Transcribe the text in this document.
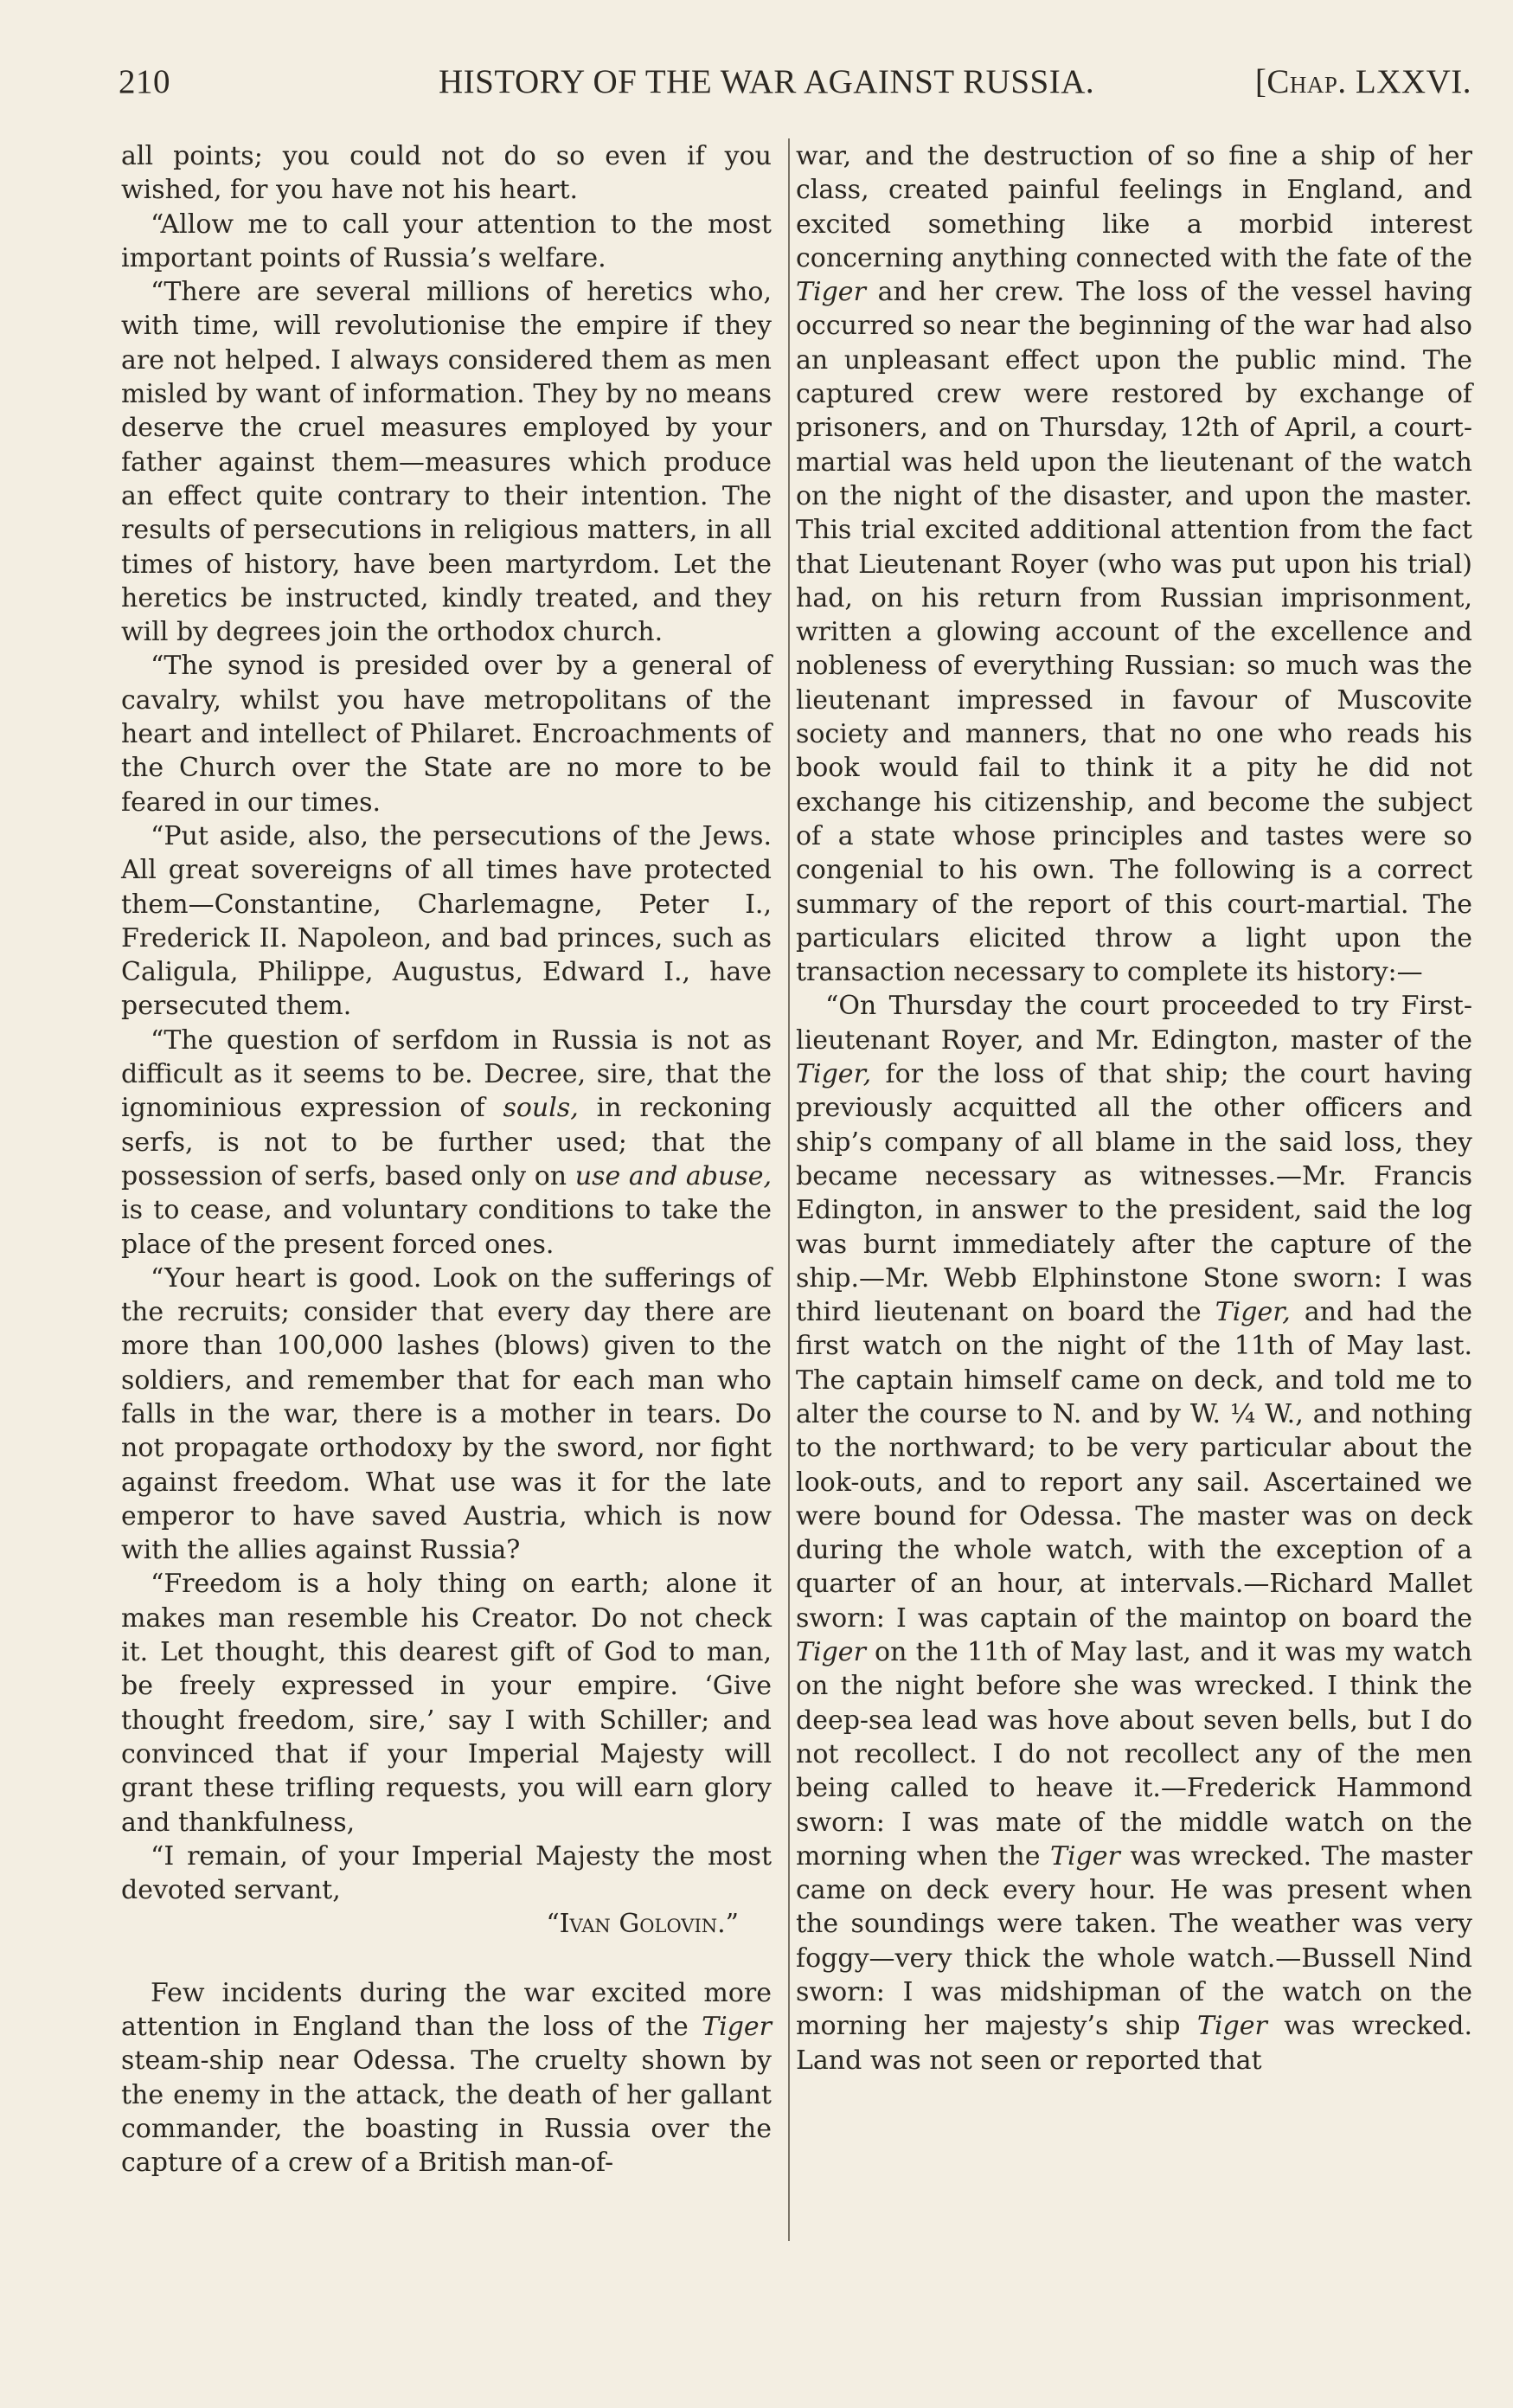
210	HISTORY OF THE WAR AGAINST RUSSIA.	[Chap. LXXVI.

all points; you could not do so even if you wished, for you have not his heart.

“Allow me to call your attention to the most important points of Russia’s welfare.

“There are several millions of heretics who, with time, will revolutionise the empire if they are not helped. I always considered them as men misled by want of information. They by no means deserve the cruel measures employed by your father against them—measures which produce an effect quite contrary to their intention. The results of persecutions in religious matters, in all times of history, have been martyrdom. Let the heretics be instructed, kindly treated, and they will by degrees join the orthodox church.

“The synod is presided over by a general of cavalry, whilst you have metropolitans of the heart and intellect of Philaret. Encroachments of the Church over the State are no more to be feared in our times.

“Put aside, also, the persecutions of the Jews. All great sovereigns of all times have protected them—Constantine, Charlemagne, Peter I., Frederick II. Napoleon, and bad princes, such as Caligula, Philippe, Augustus, Edward I., have persecuted them.

“The question of serfdom in Russia is not as difficult as it seems to be. Decree, sire, that the ignominious expression of souls, in reckoning serfs, is not to be further used; that the possession of serfs, based only on use and abuse, is to cease, and voluntary conditions to take the place of the present forced ones.

“Your heart is good. Look on the sufferings of the recruits; consider that every day there are more than 100,000 lashes (blows) given to the soldiers, and remember that for each man who falls in the war, there is a mother in tears. Do not propagate orthodoxy by the sword, nor fight against freedom. What use was it for the late emperor to have saved Austria, which is now with the allies against Russia?

“Freedom is a holy thing on earth; alone it makes man resemble his Creator. Do not check it. Let thought, this dearest gift of God to man, be freely expressed in your empire. ‘Give thought freedom, sire,’ say I with Schiller; and convinced that if your Imperial Majesty will grant these trifling requests, you will earn glory and thankfulness,

“I remain, of your Imperial Majesty the most devoted servant,

“Ivan Golovin.”

Few incidents during the war excited more attention in England than the loss of the Tiger steam-ship near Odessa. The cruelty shown by the enemy in the attack, the death of her gallant commander, the boasting in Russia over the capture of a crew of a British man-of-

war, and the destruction of so fine a ship of her class, created painful feelings in England, and excited something like a morbid interest concerning anything connected with the fate of the Tiger and her crew. The loss of the vessel having occurred so near the beginning of the war had also an unpleasant effect upon the public mind. The captured crew were restored by exchange of prisoners, and on Thursday, 12th of April, a court-martial was held upon the lieutenant of the watch on the night of the disaster, and upon the master. This trial excited additional attention from the fact that Lieutenant Royer (who was put upon his trial) had, on his return from Russian imprisonment, written a glowing account of the excellence and nobleness of everything Russian: so much was the lieutenant impressed in favour of Muscovite society and manners, that no one who reads his book would fail to think it a pity he did not exchange his citizenship, and become the subject of a state whose principles and tastes were so congenial to his own. The following is a correct summary of the report of this court-martial. The particulars elicited throw a light upon the transaction necessary to complete its history:—

“On Thursday the court proceeded to try First-lieutenant Royer, and Mr. Edington, master of the Tiger, for the loss of that ship; the court having previously acquitted all the other officers and ship’s company of all blame in the said loss, they became necessary as witnesses.—Mr. Francis Edington, in answer to the president, said the log was burnt immediately after the capture of the ship.—Mr. Webb Elphinstone Stone sworn: I was third lieutenant on board the Tiger, and had the first watch on the night of the 11th of May last. The captain himself came on deck, and told me to alter the course to N. and by W. ¼ W., and nothing to the northward; to be very particular about the look-outs, and to report any sail. Ascertained we were bound for Odessa. The master was on deck during the whole watch, with the exception of a quarter of an hour, at intervals.—Richard Mallet sworn: I was captain of the maintop on board the Tiger on the 11th of May last, and it was my watch on the night before she was wrecked. I think the deep-sea lead was hove about seven bells, but I do not recollect. I do not recollect any of the men being called to heave it.—Frederick Hammond sworn: I was mate of the middle watch on the morning when the Tiger was wrecked. The master came on deck every hour. He was present when the soundings were taken. The weather was very foggy—very thick the whole watch.—Bussell Nind sworn: I was midshipman of the watch on the morning her majesty’s ship Tiger was wrecked. Land was not seen or reported that
